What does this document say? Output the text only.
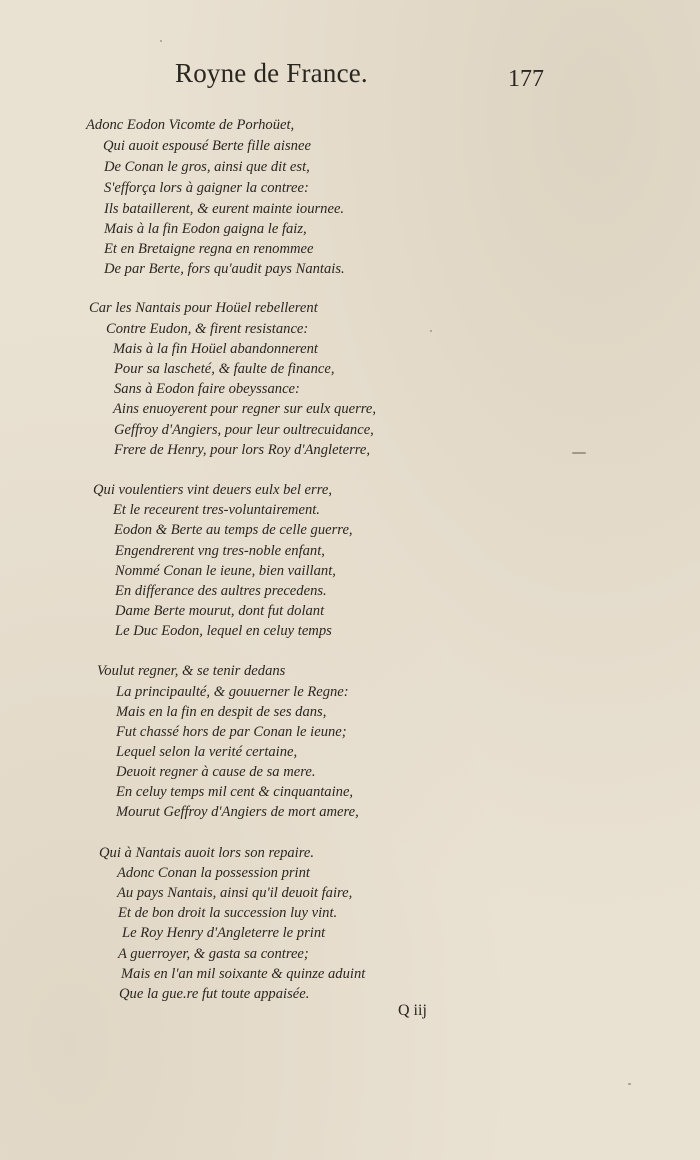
Royne de France.	177
Adonc Eodon Vicomte de Porhoüet,
Qui auoit espousé Berte fille aisnee
De Conan le gros, ainsi que dit est,
S'efforça lors à gaigner la contree:
Ils bataillerent, & eurent mainte iournee.
Mais à la fin Eodon gaigna le faiz,
Et en Bretaigne regna en renommee
De par Berte, fors qu'audit pays Nantais.
Car les Nantais pour Hoüel rebellerent
Contre Eudon, & firent resistance:
Mais à la fin Hoüel abandonnerent
Pour sa lascheté, & faulte de finance,
Sans à Eodon faire obeyssance:
Ains enuoyerent pour regner sur eulx querre,
Geffroy d'Angiers, pour leur oultrecuidance,
Frere de Henry, pour lors Roy d'Angleterre,
Qui voulentiers vint deuers eulx bel erre,
Et le receurent tres-voluntairement.
Eodon & Berte au temps de celle guerre,
Engendrerent vng tres-noble enfant,
Nommé Conan le ieune, bien vaillant,
En differance des aultres precedens.
Dame Berte mourut, dont fut dolant
Le Duc Eodon, lequel en celuy temps
Voulut regner, & se tenir dedans
La principaulté, & gouuerner le Regne:
Mais en la fin en despit de ses dans,
Fut chassé hors de par Conan le ieune;
Lequel selon la verité certaine,
Deuoit regner à cause de sa mere.
En celuy temps mil cent & cinquantaine,
Mourut Geffroy d'Angiers de mort amere,
Qui à Nantais auoit lors son repaire.
Adonc Conan la possession print
Au pays Nantais, ainsi qu'il deuoit faire,
Et de bon droit la succession luy vint.
Le Roy Henry d'Angleterre le print
A guerroyer, & gasta sa contree;
Mais en l'an mil soixante & quinze aduint
Que la gue.re fut toute appaisée.
Q iij
